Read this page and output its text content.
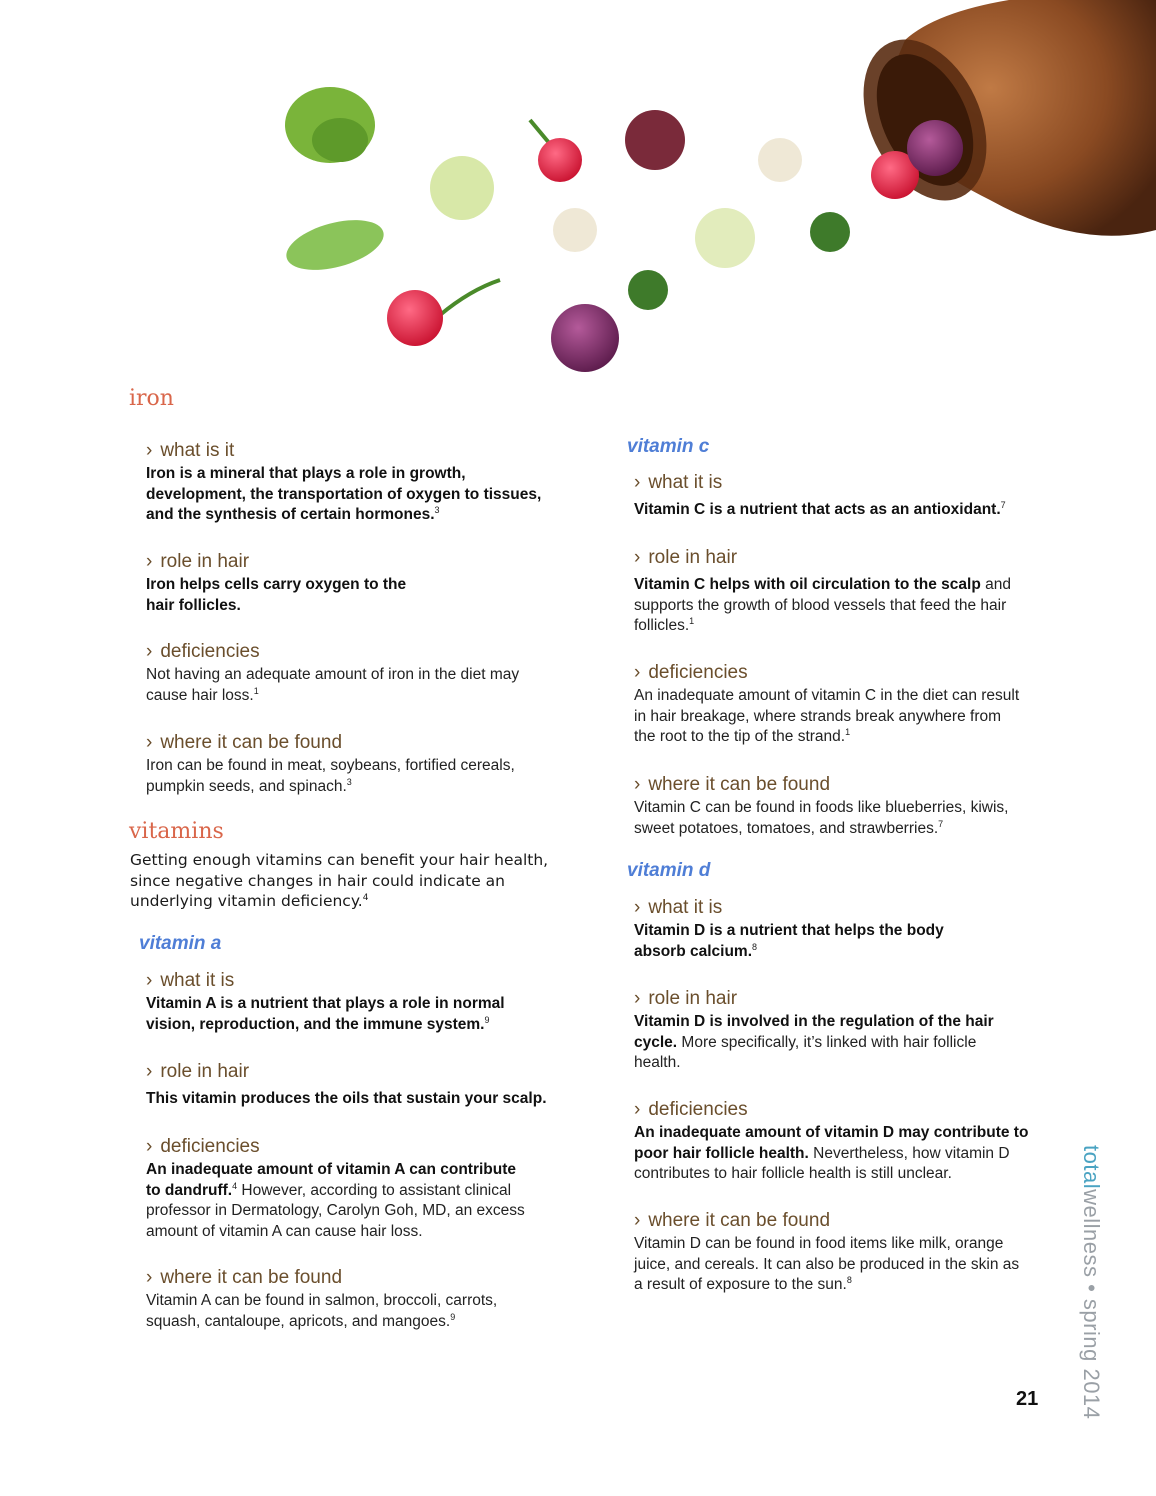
iron
› what is it
Iron is a mineral that plays a role in growth, development, the transportation of oxygen to tissues, and the synthesis of certain hormones.$^3$
› role in hair
Iron helps cells carry oxygen to the hair follicles.
› deficiencies
Not having an adequate amount of iron in the diet may cause hair loss.$^1$
› where it can be found
Iron can be found in meat, soybeans, fortified cereals, pumpkin seeds, and spinach.$^3$
vitamins
Getting enough vitamins can benefit your hair health, since negative changes in hair could indicate an underlying vitamin deficiency.$^4$
vitamin a
› what it is
Vitamin A is a nutrient that plays a role in normal vision, reproduction, and the immune system.$^9$
› role in hair
This vitamin produces the oils that sustain your scalp.
› deficiencies
An inadequate amount of vitamin A can contribute to dandruff.$^4$ However, according to assistant clinical professor in Dermatology, Carolyn Goh, MD, an excess amount of vitamin A can cause hair loss.
› where it can be found
Vitamin A can be found in salmon, broccoli, carrots, squash, cantaloupe, apricots, and mangoes.$^9$
vitamin c
› what it is
Vitamin C is a nutrient that acts as an antioxidant.$^7$
› role in hair
Vitamin C helps with oil circulation to the scalp and supports the growth of blood vessels that feed the hair follicles.$^1$
› deficiencies
An inadequate amount of vitamin C in the diet can result in hair breakage, where strands break anywhere from the root to the tip of the strand.$^1$
› where it can be found
Vitamin C can be found in foods like blueberries, kiwis, sweet potatoes, tomatoes, and strawberries.$^7$
vitamin d
› what it is
Vitamin D is a nutrient that helps the body absorb calcium.$^8$
› role in hair
Vitamin D is involved in the regulation of the hair cycle. More specifically, it’s linked with hair follicle health.
› deficiencies
An inadequate amount of vitamin D may contribute to poor hair follicle health. Nevertheless, how vitamin D contributes to hair follicle health is still unclear.
› where it can be found
Vitamin D can be found in food items like milk, orange juice, and cereals. It can also be produced in the skin as a result of exposure to the sun.$^8$
totalwellness • spring 2014
21
